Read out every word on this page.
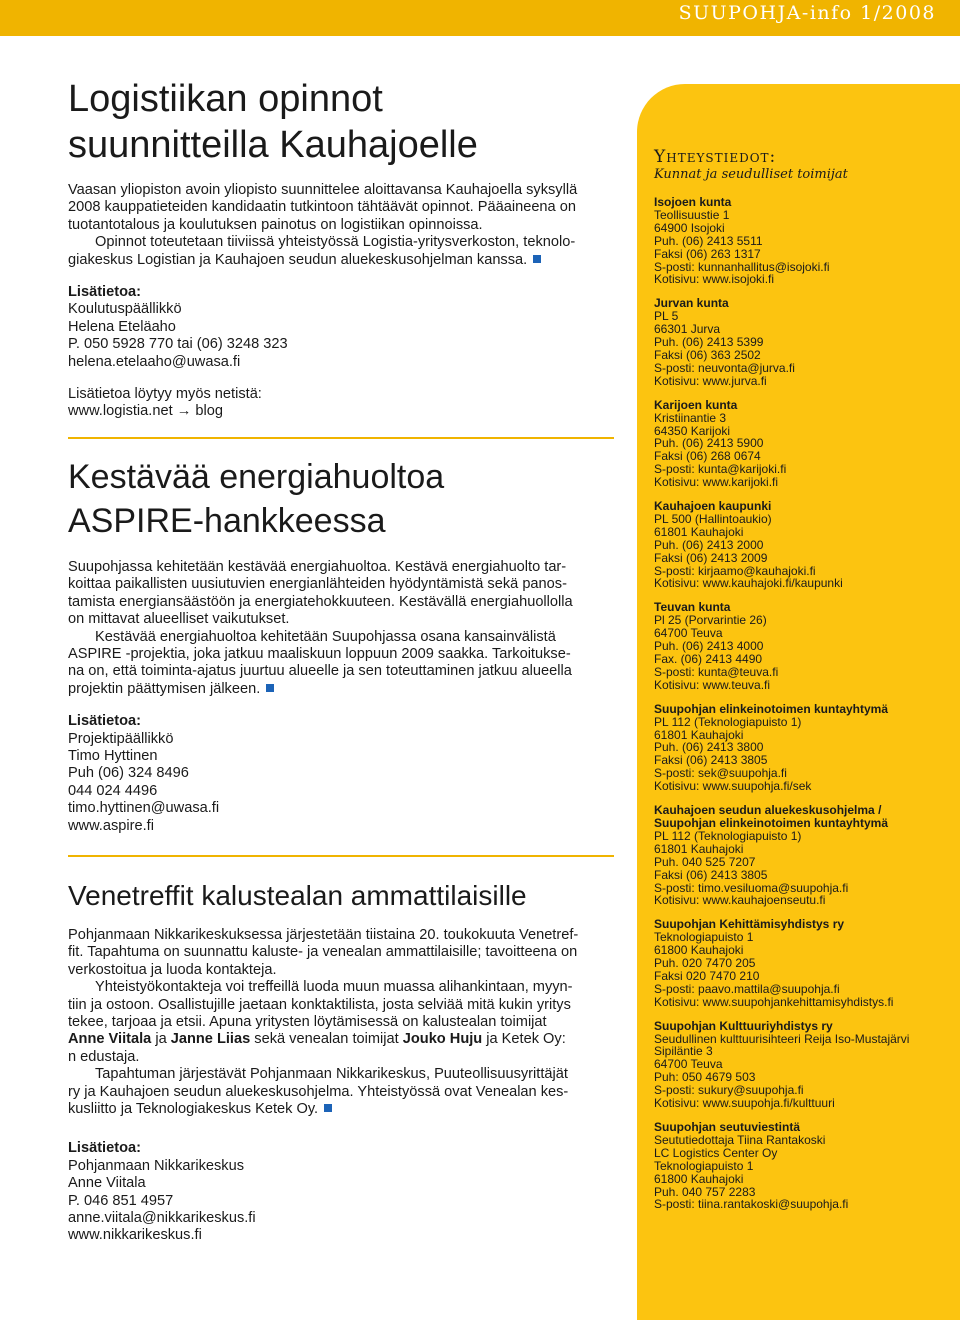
SUUPOHJA-info 1/2008
Logistiikan opinnot
suunnitteilla Kauhajoelle

Vaasan yliopiston avoin yliopisto suunnittelee aloittavansa Kauhajoella syksyllä
2008 kauppatieteiden kandidaatin tutkintoon tähtäävät opinnot. Pääaineena on
tuotantotalous ja koulutuksen painotus on logistiikan opinnoissa.

Opinnot toteutetaan tiiviissä yhteistyössä Logistia-yritysverkoston, teknolo-
giakeskus Logistian ja Kauhajoen seudun aluekeskusohjelman kanssa.

Lisätietoa:
Koulutuspäällikkö
Helena Eteläaho
P. 050 5928 770 tai (06) 3248 323
helena.etelaaho@uwasa.fi
Lisätietoa löytyy myös netistä:
www.logistia.net → blog
Kestävää energiahuoltoa
ASPIRE-hankkeessa

Suupohjassa kehitetään kestävää energiahuoltoa. Kestävä energiahuolto tar-
koittaa paikallisten uusiutuvien energianlähteiden hyödyntämistä sekä panos-
tamista energiansäästöön ja energiatehokkuuteen. Kestävällä energiahuollolla
on mittavat alueelliset vaikutukset.

Kestävää energiahuoltoa kehitetään Suupohjassa osana kansainvälistä
ASPIRE -projektia, joka jatkuu maaliskuun loppuun 2009 saakka. Tarkoitukse-
na on, että toiminta-ajatus juurtuu alueelle ja sen toteuttaminen jatkuu alueella
projektin päättymisen jälkeen.

Lisätietoa:
Projektipäällikkö
Timo Hyttinen
Puh (06) 324 8496
044 024 4496
timo.hyttinen@uwasa.fi
www.aspire.fi
Venetreffit kalustealan ammattilaisille

Pohjanmaan Nikkarikeskuksessa järjestetään tiistaina 20. toukokuuta Venetref-
fit. Tapahtuma on suunnattu kaluste- ja venealan ammattilaisille; tavoitteena on
verkostoitua ja luoda kontakteja.

Yhteistyökontakteja voi treffeillä luoda muun muassa alihankintaan, myyn-
tiin ja ostoon. Osallistujille jaetaan konktaktilista, josta selviää mitä kukin yritys
tekee, tarjoaa ja etsii. Apuna yritysten löytämisessä on kalustealan toimijat
Anne Viitala ja Janne Liias sekä venealan toimijat Jouko Huju ja Ketek Oy:
n edustaja.

Tapahtuman järjestävät Pohjanmaan Nikkarikeskus, Puuteollisuusyrittäjät
ry ja Kauhajoen seudun aluekeskusohjelma. Yhteistyössä ovat Venealan kes-
kusliitto ja Teknologiakeskus Ketek Oy.

Lisätietoa:
Pohjanmaan Nikkarikeskus
Anne Viitala
P. 046 851 4957
anne.viitala@nikkarikeskus.fi
www.nikkarikeskus.fi
Yhteystiedot:
Kunnat ja seudulliset toimijat
Isojoen kunta
Teollisuustie 1
64900 Isojoki
Puh. (06) 2413 5511
Faksi (06) 263 1317
S-posti: kunnanhallitus@isojoki.fi
Kotisivu: www.isojoki.fi
Jurvan kunta
PL 5
66301 Jurva
Puh. (06) 2413 5399
Faksi (06) 363 2502
S-posti: neuvonta@jurva.fi
Kotisivu: www.jurva.fi
Karijoen kunta
Kristiinantie 3
64350 Karijoki
Puh. (06) 2413 5900
Faksi (06) 268 0674
S-posti: kunta@karijoki.fi
Kotisivu: www.karijoki.fi
Kauhajoen kaupunki
PL 500 (Hallintoaukio)
61801 Kauhajoki
Puh. (06) 2413 2000
Faksi (06) 2413 2009
S-posti: kirjaamo@kauhajoki.fi
Kotisivu: www.kauhajoki.fi/kaupunki
Teuvan kunta
Pl 25 (Porvarintie 26)
64700 Teuva
Puh. (06) 2413 4000
Fax. (06) 2413 4490
S-posti: kunta@teuva.fi
Kotisivu: www.teuva.fi
Suupohjan elinkeinotoimen kuntayhtymä
PL 112 (Teknologiapuisto 1)
61801 Kauhajoki
Puh. (06) 2413 3800
Faksi (06) 2413 3805
S-posti: sek@suupohja.fi
Kotisivu: www.suupohja.fi/sek
Kauhajoen seudun aluekeskusohjelma /
Suupohjan elinkeinotoimen kuntayhtymä
PL 112 (Teknologiapuisto 1)
61801 Kauhajoki
Puh. 040 525 7207
Faksi (06) 2413 3805
S-posti: timo.vesiluoma@suupohja.fi
Kotisivu: www.kauhajoenseutu.fi
Suupohjan Kehittämisyhdistys ry
Teknologiapuisto 1
61800 Kauhajoki
Puh. 020 7470 205
Faksi 020 7470 210
S-posti: paavo.mattila@suupohja.fi
Kotisivu: www.suupohjankehittamisyhdistys.fi
Suupohjan Kulttuuriyhdistys ry
Seudullinen kulttuurisihteeri Reija Iso-Mustajärvi
Sipiläntie 3
64700 Teuva
Puh: 050 4679 503
S-posti: sukury@suupohja.fi
Kotisivu: www.suupohja.fi/kulttuuri
Suupohjan seutuviestintä
Seututiedottaja Tiina Rantakoski
LC Logistics Center Oy
Teknologiapuisto 1
61800 Kauhajoki
Puh. 040 757 2283
S-posti: tiina.rantakoski@suupohja.fi
